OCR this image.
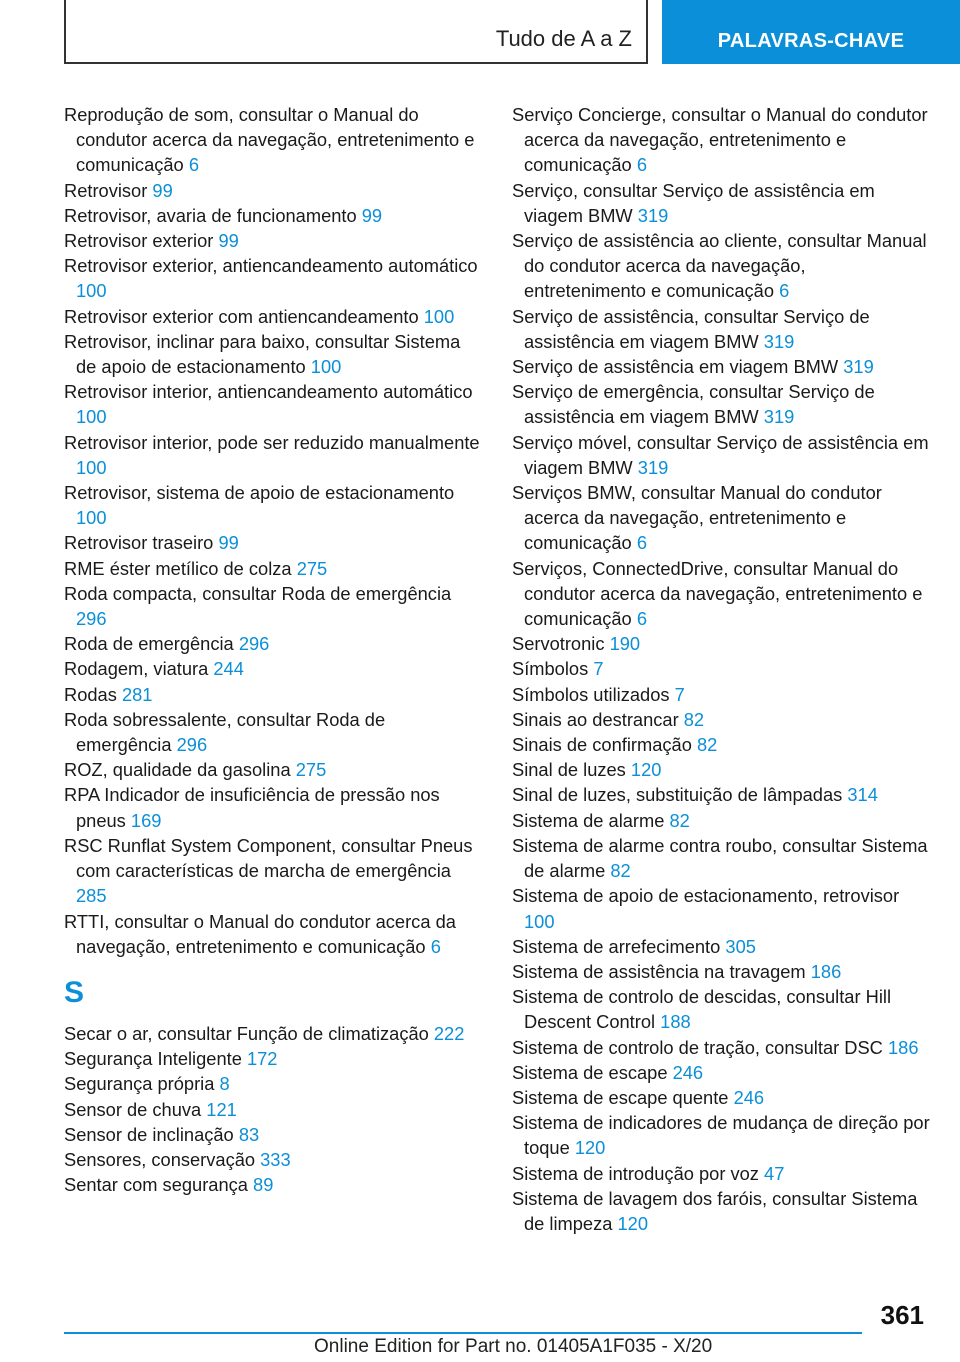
Tudo de A a Z	PALAVRAS-CHAVE
Reprodução de som, consultar o Manual do condutor acerca da navegação, entretenimento e comunicação 6
Retrovisor 99
Retrovisor, avaria de funcionamento 99
Retrovisor exterior 99
Retrovisor exterior, antiencandeamento automático 100
Retrovisor exterior com antiencandeamento 100
Retrovisor, inclinar para baixo, consultar Sistema de apoio de estacionamento 100
Retrovisor interior, antiencandeamento automático 100
Retrovisor interior, pode ser reduzido manualmente 100
Retrovisor, sistema de apoio de estacionamento 100
Retrovisor traseiro 99
RME éster metílico de colza 275
Roda compacta, consultar Roda de emergência 296
Roda de emergência 296
Rodagem, viatura 244
Rodas 281
Roda sobressalente, consultar Roda de emergência 296
ROZ, qualidade da gasolina 275
RPA Indicador de insuficiência de pressão nos pneus 169
RSC Runflat System Component, consultar Pneus com características de marcha de emergência 285
RTTI, consultar o Manual do condutor acerca da navegação, entretenimento e comunicação 6
S
Secar o ar, consultar Função de climatização 222
Segurança Inteligente 172
Segurança própria 8
Sensor de chuva 121
Sensor de inclinação 83
Sensores, conservação 333
Sentar com segurança 89
Serviço Concierge, consultar o Manual do condutor acerca da navegação, entretenimento e comunicação 6
Serviço, consultar Serviço de assistência em viagem BMW 319
Serviço de assistência ao cliente, consultar Manual do condutor acerca da navegação, entretenimento e comunicação 6
Serviço de assistência, consultar Serviço de assistência em viagem BMW 319
Serviço de assistência em viagem BMW 319
Serviço de emergência, consultar Serviço de assistência em viagem BMW 319
Serviço móvel, consultar Serviço de assistência em viagem BMW 319
Serviços BMW, consultar Manual do condutor acerca da navegação, entretenimento e comunicação 6
Serviços, ConnectedDrive, consultar Manual do condutor acerca da navegação, entretenimento e comunicação 6
Servotronic 190
Símbolos 7
Símbolos utilizados 7
Sinais ao destrancar 82
Sinais de confirmação 82
Sinal de luzes 120
Sinal de luzes, substituição de lâmpadas 314
Sistema de alarme 82
Sistema de alarme contra roubo, consultar Sistema de alarme 82
Sistema de apoio de estacionamento, retrovisor 100
Sistema de arrefecimento 305
Sistema de assistência na travagem 186
Sistema de controlo de descidas, consultar Hill Descent Control 188
Sistema de controlo de tração, consultar DSC 186
Sistema de escape 246
Sistema de escape quente 246
Sistema de indicadores de mudança de direção por toque 120
Sistema de introdução por voz 47
Sistema de lavagem dos faróis, consultar Sistema de limpeza 120
361
Online Edition for Part no. 01405A1F035 - X/20
